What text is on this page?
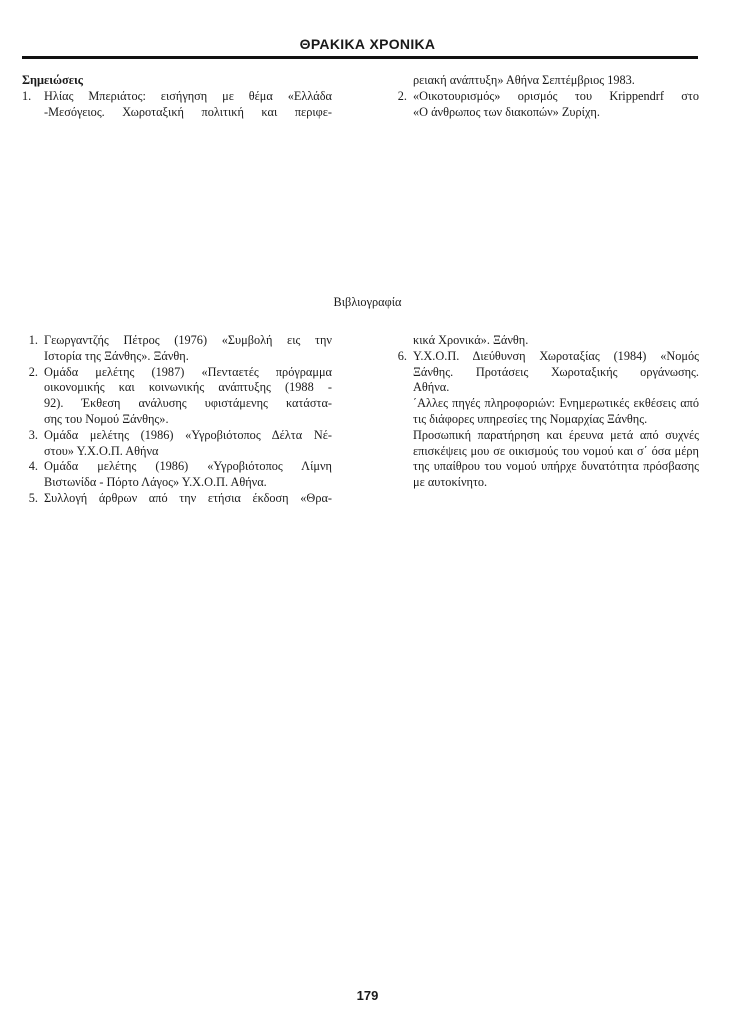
ΘΡΑΚΙΚΑ ΧΡΟΝΙΚΑ
Σημειώσεις
1.	Ηλίας Μπεριάτος: εισήγηση με θέμα «Ελλάδα
-Μεσόγειος. Χωροταξική πολιτική και περιφε-
ρειακή ανάπτυξη» Αθήνα Σεπτέμβριος 1983.
2. «Οικοτουρισμός» ορισμός του Krippendrf στο
«Ο άνθρωπος των διακοπών» Ζυρίχη.
Βιβλιογραφία
1. Γεωργαντζής Πέτρος (1976) «Συμβολή εις την
Ιστορία της Ξάνθης». Ξάνθη.
2. Ομάδα μελέτης (1987) «Πενταετές πρόγραμμα
οικονομικής και κοινωνικής ανάπτυξης (1988 -
92). Έκθεση ανάλυσης υφιστάμενης κατάστα-
σης του Νομού Ξάνθης».
3. Ομάδα μελέτης (1986) «Υγροβιότοπος Δέλτα Νέ-
στου» Υ.Χ.Ο.Π. Αθήνα
4. Ομάδα μελέτης (1986) «Υγροβιότοπος Λίμνη
Βιστωνίδα - Πόρτο Λάγος» Υ.Χ.Ο.Π. Αθήνα.
5. Συλλογή άρθρων από την ετήσια έκδοση «Θρα-
κικά Χρονικά». Ξάνθη.
6. Υ.Χ.Ο.Π. Διεύθυνση Χωροταξίας (1984) «Νομός
Ξάνθης. Προτάσεις Χωροταξικής οργάνωσης.
Αθήνα.
΄Αλλες πηγές πληροφοριών: Ενημερωτικές εκθέσεις από τις διάφορες υπηρεσίες της Νομαρχίας Ξάνθης.
Προσωπική παρατήρηση και έρευνα μετά από συχνές επισκέψεις μου σε οικισμούς του νομού και σ΄ όσα μέρη της υπαίθρου του νομού υπήρχε δυνατότητα πρόσβασης με αυτοκίνητο.
179
